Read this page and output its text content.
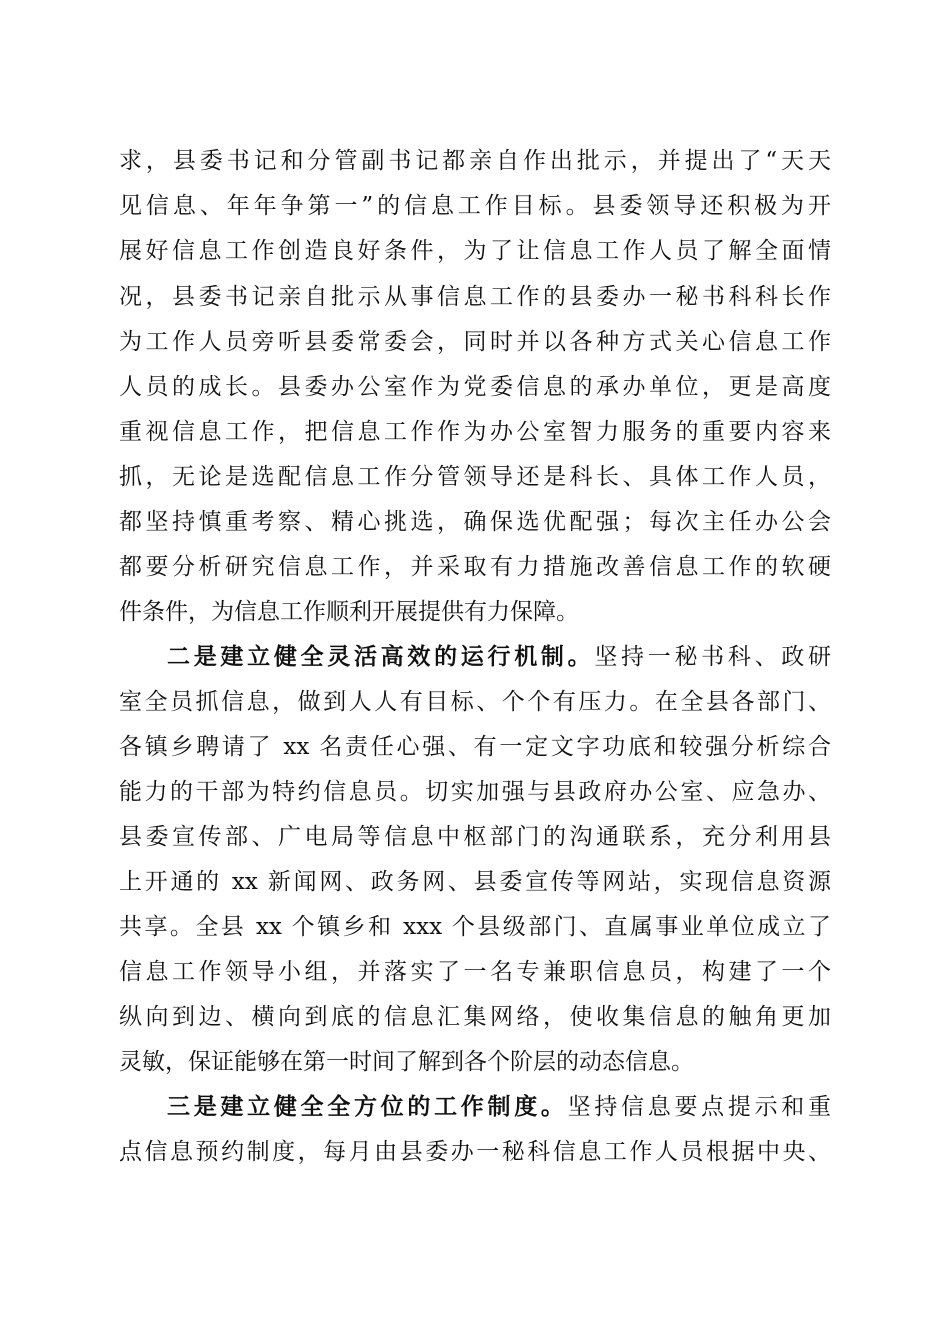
求，县委书记和分管副书记都亲自作出批示，并提出了“天天
见信息、年年争第一”的信息工作目标。县委领导还积极为开
展好信息工作创造良好条件，为了让信息工作人员了解全面情
况，县委书记亲自批示从事信息工作的县委办一秘书科科长作
为工作人员旁听县委常委会，同时并以各种方式关心信息工作
人员的成长。县委办公室作为党委信息的承办单位，更是高度
重视信息工作，把信息工作作为办公室智力服务的重要内容来
抓，无论是选配信息工作分管领导还是科长、具体工作人员，
都坚持慎重考察、精心挑选，确保选优配强；每次主任办公会
都要分析研究信息工作，并采取有力措施改善信息工作的软硬
件条件，为信息工作顺利开展提供有力保障。
二是建立健全灵活高效的运行机制。坚持一秘书科、政研
室全员抓信息，做到人人有目标、个个有压力。在全县各部门、
各镇乡聘请了 xx 名责任心强、有一定文字功底和较强分析综合
能力的干部为特约信息员。切实加强与县政府办公室、应急办、
县委宣传部、广电局等信息中枢部门的沟通联系，充分利用县
上开通的 xx 新闻网、政务网、县委宣传等网站，实现信息资源
共享。全县 xx 个镇乡和 xxx 个县级部门、直属事业单位成立了
信息工作领导小组，并落实了一名专兼职信息员，构建了一个
纵向到边、横向到底的信息汇集网络，使收集信息的触角更加
灵敏，保证能够在第一时间了解到各个阶层的动态信息。
三是建立健全全方位的工作制度。坚持信息要点提示和重
点信息预约制度，每月由县委办一秘科信息工作人员根据中央、
